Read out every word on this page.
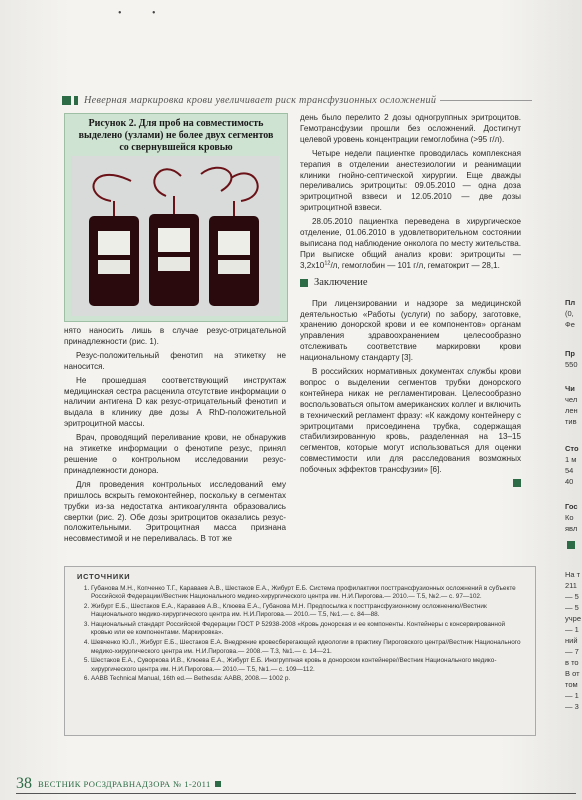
• •
Неверная маркировка крови увеличивает риск трансфузионных осложнений
Рисунок 2. Для проб на совместимость
выделено (узлами) не более двух сегментов
со свернувшейся кровью

нято наносить лишь в случае резус-отрицательной принадлежности (рис. 1).

Резус-положительный фенотип на этикетку не наносится.

Не прошедшая соответствующий инструктаж медицинская сестра расценила отсутствие информации о наличии антигена D как резус-отрицательный фенотип и выдала в клинику две дозы A RhD-положительной эритроцитной массы.

Врач, проводящий переливание крови, не обнаружив на этикетке информации о фенотипе резус, принял решение о контрольном исследовании резус-принадлежности донора.

Для проведения контрольных исследований ему пришлось вскрыть гемоконтейнер, поскольку в сегментах трубки из-за недостатка антикоагулянта образовались свертки (рис. 2). Обе дозы эритроцитов оказались резус-положительными. Эритроцитная масса признана несовместимой и не переливалась. В тот же

день было перелито 2 дозы одногруппных эритроцитов. Гемотрансфузии прошли без осложнений. Достигнут целевой уровень концентрации гемоглобина (>95 г/л).

Четыре недели пациентке проводилась комплексная терапия в отделении анестезиологии и реанимации клиники гнойно-септической хирургии. Еще дважды переливались эритроциты: 09.05.2010 — одна доза эритроцитной взвеси и 12.05.2010 — две дозы эритроцитной взвеси.

28.05.2010 пациентка переведена в хирургическое отделение, 01.06.2010 в удовлетворительном состоянии выписана под наблюдение онколога по месту жительства. При выписке общий анализ крови: эритроциты — $3,2x10^{12}/л$, гемоглобин — 101 г/л, гематокрит — 28,1.

Заключение

При лицензировании и надзоре за медицинской деятельностью «Работы (услуги) по забору, заготовке, хранению донорской крови и ее компонентов» органам управления здравоохранением целесообразно отслеживать соответствие маркировки крови национальному стандарту [3].

В российских нормативных документах службы крови вопрос о выделении сегментов трубки донорского контейнера никак не регламентирован. Целесообразно воспользоваться опытом американских коллег и включить в технический регламент фразу: «К каждому контейнеру с эритроцитами присоединена трубка, содержащая стабилизированную кровь, разделенная на 13–15 сегментов, которые могут использоваться для оценки совместимости или для расследования возможных побочных эффектов трансфузии» [6].

ИСТОЧНИКИ
1. Губанова М.Н., Копченко Т.Г., Караваев А.В., Шестаков Е.А., Жибурт Е.Б. Система профилактики посттрансфузионных осложнений в субъекте Российской Федерации//Вестник Национального медико-хирургического центра им. Н.И.Пирогова.— 2010.— Т.5, №2.— с. 97—102.
2. Жибурт Е.Б., Шестаков Е.А., Караваев А.В., Клюева Е.А., Губанова М.Н. Предпосылка к посттрансфузионному осложнению//Вестник Национального медико-хирургического центра им. Н.И.Пирогова.— 2010.— Т.5, №1.— с. 84—88.
3. Национальный стандарт Российской Федерации ГОСТ Р 52938-2008 «Кровь донорская и ее компоненты. Контейнеры с консервированной кровью или ее компонентами. Маркировка».
4. Шевченко Ю.Л., Жибурт Е.Б., Шестаков Е.А. Внедрение кровесберегающей идеологии в практику Пироговского центра//Вестник Национального медико-хирургического центра им. Н.И.Пирогова.— 2008.— Т.3, №1.— с. 14—21.
5. Шестаков Е.А., Суворкова И.В., Клюева Е.А., Жибурт Е.Б. Иногруппная кровь в донорском контейнере//Вестник Национального медико-хирургического центра им. Н.И.Пирогова.— 2010.— Т.5, №1.— с. 109—112.
6. AABB Technical Manual, 16th ed.— Bethesda: AABB, 2008.— 1002 p.
38 ВЕСТНИК РОСЗДРАВНАДЗОРА № 1-2011
Пл
(0,
Фе
Пр
550
Чи
чел
лен
тив
Сто
1 м
54
40
Гос
Ко
явл
На т
211
— 5
— 5
учре
— 1
ний
— 7
в то
В от
том
— 1
— 3
